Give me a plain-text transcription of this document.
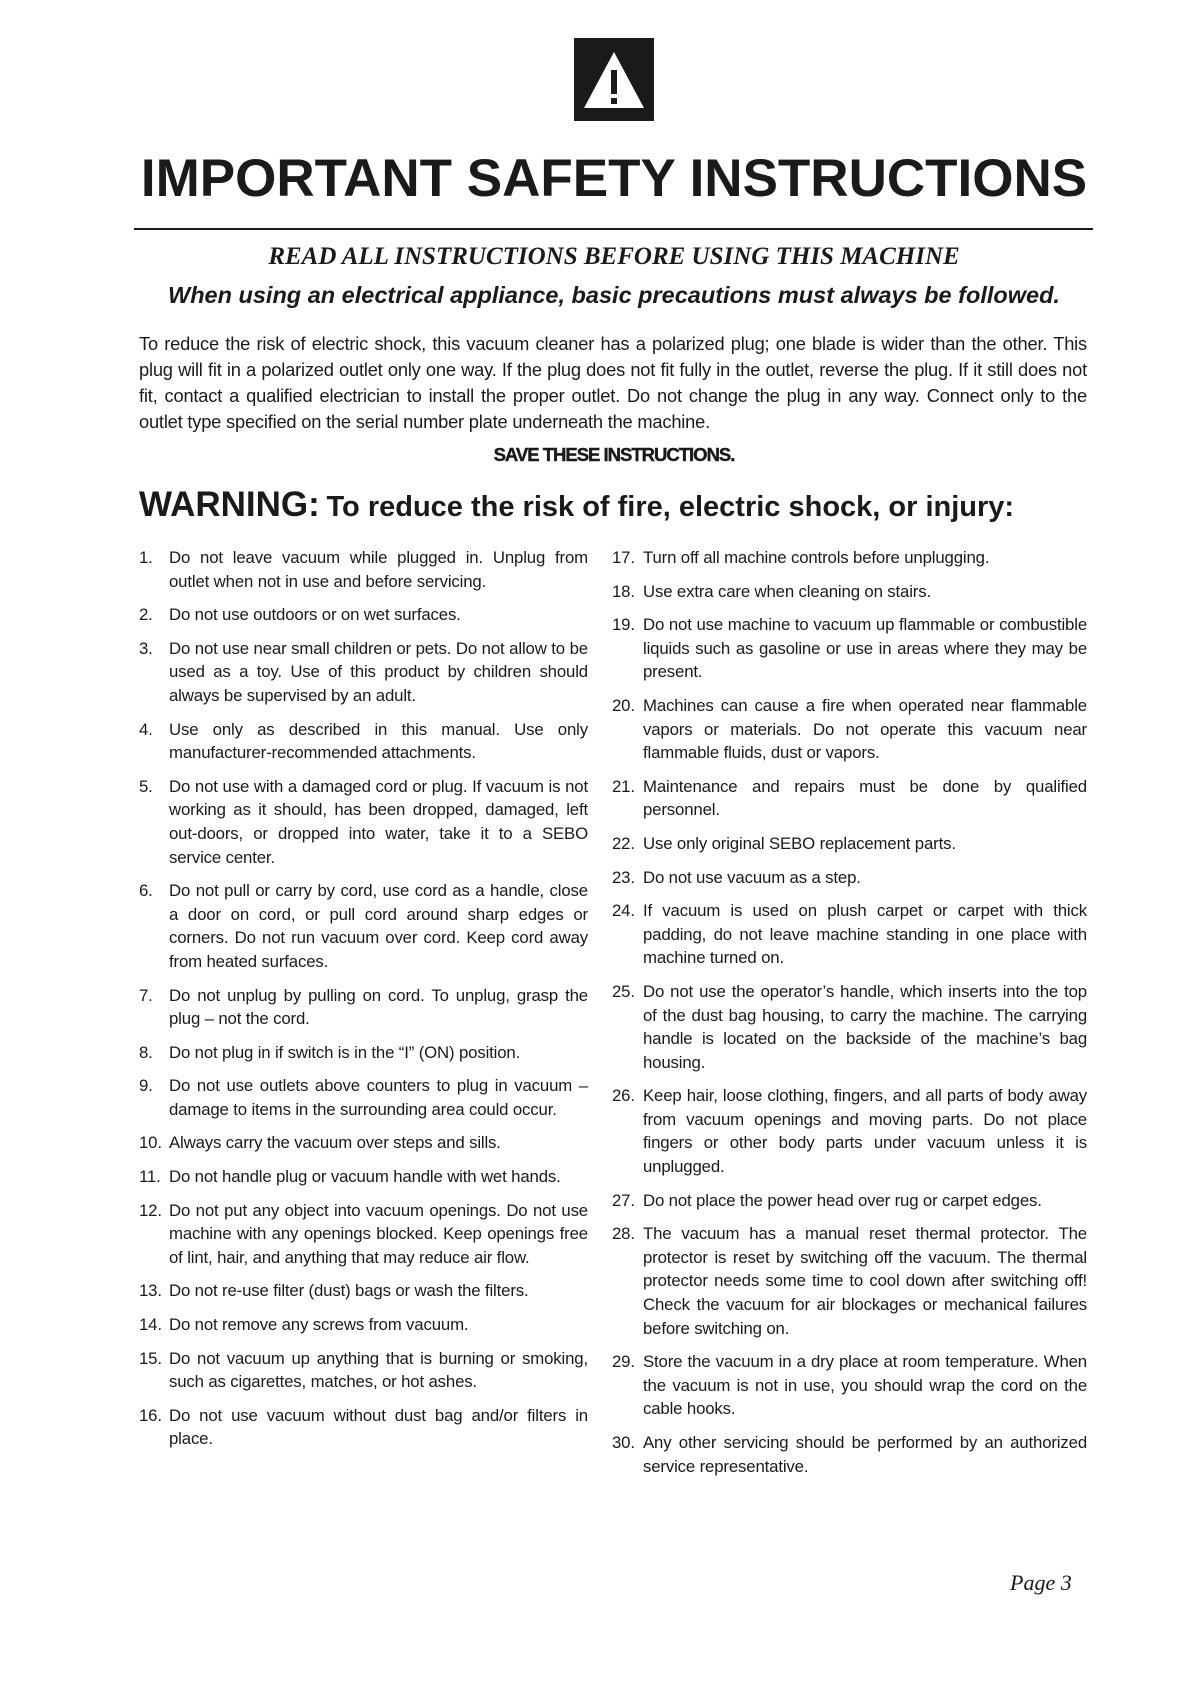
IMPORTANT SAFETY INSTRUCTIONS
READ ALL INSTRUCTIONS BEFORE USING THIS MACHINE
When using an electrical appliance, basic precautions must always be followed.

To reduce the risk of electric shock, this vacuum cleaner has a polarized plug; one blade is wider than the other. This plug will fit in a polarized outlet only one way. If the plug does not fit fully in the outlet, reverse the plug. If it still does not fit, contact a qualified electrician to install the proper outlet. Do not change the plug in any way. Connect only to the outlet type specified on the serial number plate underneath the machine.

SAVE THESE INSTRUCTIONS.
WARNING: To reduce the risk of fire, electric shock, or injury:
1. Do not leave vacuum while plugged in. Unplug from outlet when not in use and before servicing.
2. Do not use outdoors or on wet surfaces.
3. Do not use near small children or pets. Do not allow to be used as a toy. Use of this product by children should always be supervised by an adult.
4. Use only as described in this manual. Use only manufacturer-recommended attachments.
5. Do not use with a damaged cord or plug. If vacuum is not working as it should, has been dropped, damaged, left out-doors, or dropped into water, take it to a SEBO service center.
6. Do not pull or carry by cord, use cord as a handle, close a door on cord, or pull cord around sharp edges or corners. Do not run vacuum over cord. Keep cord away from heated surfaces.
7. Do not unplug by pulling on cord. To unplug, grasp the plug – not the cord.
8. Do not plug in if switch is in the “I” (ON) position.
9. Do not use outlets above counters to plug in vacuum – damage to items in the surrounding area could occur.
10. Always carry the vacuum over steps and sills.
11. Do not handle plug or vacuum handle with wet hands.
12. Do not put any object into vacuum openings. Do not use machine with any openings blocked. Keep openings free of lint, hair, and anything that may reduce air flow.
13. Do not re-use filter (dust) bags or wash the filters.
14. Do not remove any screws from vacuum.
15. Do not vacuum up anything that is burning or smoking, such as cigarettes, matches, or hot ashes.
16. Do not use vacuum without dust bag and/or filters in place.
17. Turn off all machine controls before unplugging.
18. Use extra care when cleaning on stairs.
19. Do not use machine to vacuum up flammable or combustible liquids such as gasoline or use in areas where they may be present.
20. Machines can cause a fire when operated near flammable vapors or materials. Do not operate this vacuum near flammable fluids, dust or vapors.
21. Maintenance and repairs must be done by qualified personnel.
22. Use only original SEBO replacement parts.
23. Do not use vacuum as a step.
24. If vacuum is used on plush carpet or carpet with thick padding, do not leave machine standing in one place with machine turned on.
25. Do not use the operator’s handle, which inserts into the top of the dust bag housing, to carry the machine. The carrying handle is located on the backside of the machine’s bag housing.
26. Keep hair, loose clothing, fingers, and all parts of body away from vacuum openings and moving parts. Do not place fingers or other body parts under vacuum unless it is unplugged.
27. Do not place the power head over rug or carpet edges.
28. The vacuum has a manual reset thermal protector. The protector is reset by switching off the vacuum. The thermal protector needs some time to cool down after switching off! Check the vacuum for air blockages or mechanical failures before switching on.
29. Store the vacuum in a dry place at room temperature. When the vacuum is not in use, you should wrap the cord on the cable hooks.
30. Any other servicing should be performed by an authorized service representative.
Page 3
